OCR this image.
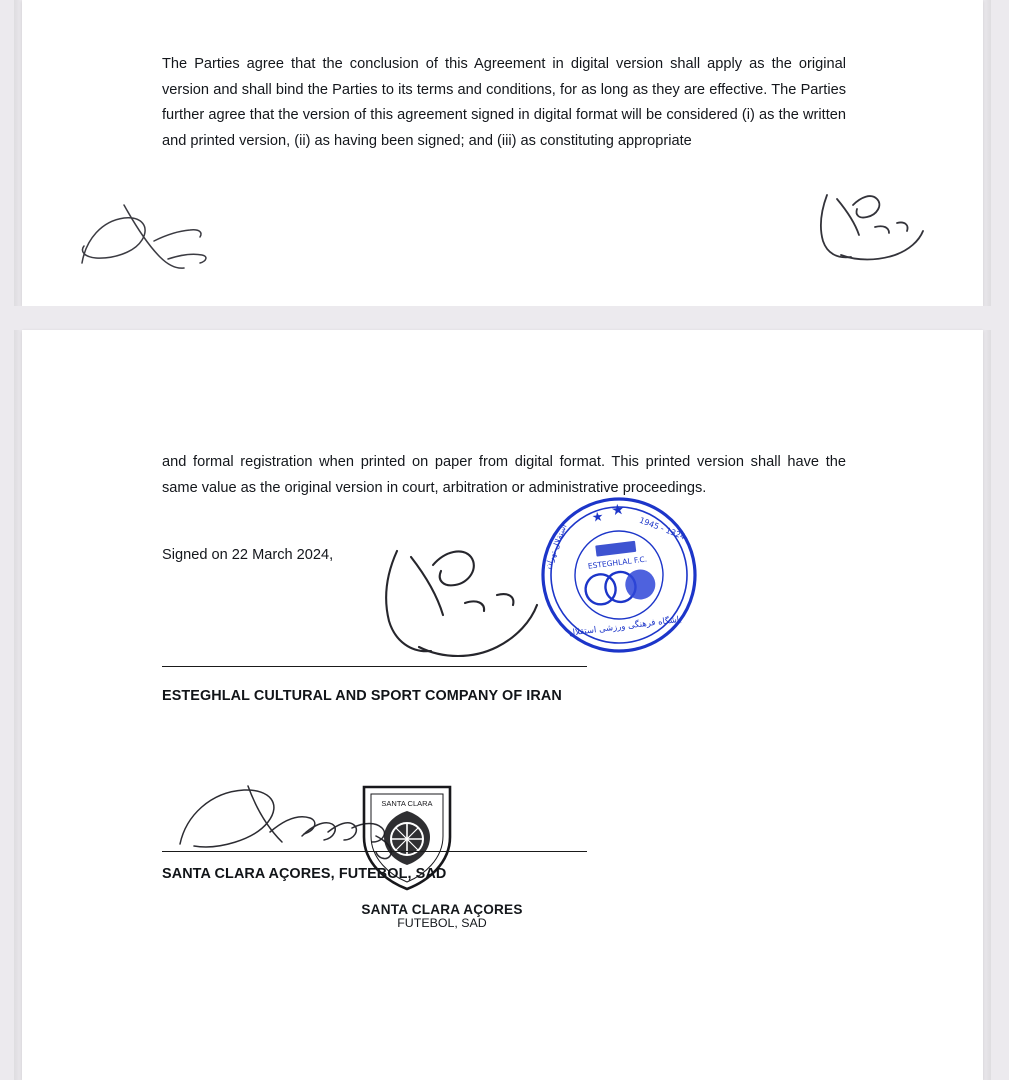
The Parties agree that the conclusion of this Agreement in digital version shall apply as the original version and shall bind the Parties to its terms and conditions, for as long as they are effective. The Parties further agree that the version of this agreement signed in digital format will be considered (i) as the written and printed version, (ii) as having been signed; and (iii) as constituting appropriate
and formal registration when printed on paper from digital format. This printed version shall have the same value as the original version in court, arbitration or administrative proceedings.
Signed on 22 March 2024,
★ ★
1945 - 1324
استقلال تهران	ESTEGHLAL F.C.
باشگاه فرهنگی ورزشی استقلال
ESTEGHLAL CULTURAL AND SPORT COMPANY OF IRAN
SANTA CLARA
SANTA CLARA AÇORES, FUTEBOL, SAD
SANTA CLARA AÇORES
FUTEBOL, SAD
